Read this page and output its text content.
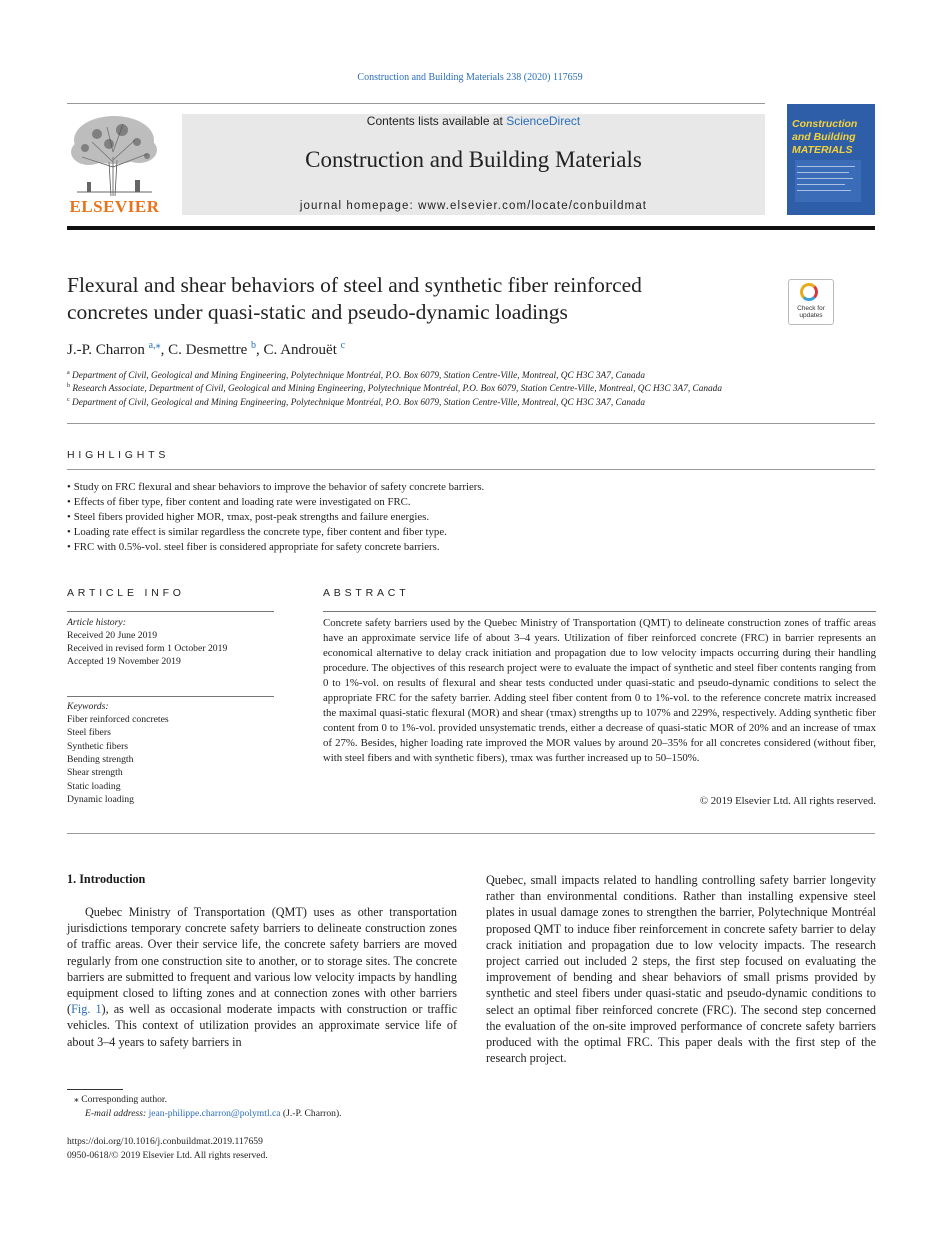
Construction and Building Materials 238 (2020) 117659
ELSEVIER
Contents lists available at ScienceDirect
Construction and Building Materials
journal homepage: www.elsevier.com/locate/conbuildmat
Construction and Building MATERIALS
Flexural and shear behaviors of steel and synthetic fiber reinforced
concretes under quasi-static and pseudo-dynamic loadings	Check for updates
J.-P. Charron $^{a,⁎}$, C. Desmettre $^b$, C. Androuët $^c$
$^a$ Department of Civil, Geological and Mining Engineering, Polytechnique Montréal, P.O. Box 6079, Station Centre-Ville, Montreal, QC H3C 3A7, Canada
$^b$ Research Associate, Department of Civil, Geological and Mining Engineering, Polytechnique Montréal, P.O. Box 6079, Station Centre-Ville, Montreal, QC H3C 3A7, Canada
$^c$ Department of Civil, Geological and Mining Engineering, Polytechnique Montréal, P.O. Box 6079, Station Centre-Ville, Montreal, QC H3C 3A7, Canada
HIGHLIGHTS
• Study on FRC flexural and shear behaviors to improve the behavior of safety concrete barriers.
• Effects of fiber type, fiber content and loading rate were investigated on FRC.
• Steel fibers provided higher MOR, τmax, post-peak strengths and failure energies.
• Loading rate effect is similar regardless the concrete type, fiber content and fiber type.
• FRC with 0.5%-vol. steel fiber is considered appropriate for safety concrete barriers.
ARTICLE INFO
Article history:
Received 20 June 2019
Received in revised form 1 October 2019
Accepted 19 November 2019
Keywords:
Fiber reinforced concretes
Steel fibers
Synthetic fibers
Bending strength
Shear strength
Static loading
Dynamic loading
ABSTRACT
Concrete safety barriers used by the Quebec Ministry of Transportation (QMT) to delineate construction zones of traffic areas have an approximate service life of about 3–4 years. Utilization of fiber reinforced concrete (FRC) in barrier represents an economical alternative to delay crack initiation and propagation due to low velocity impacts occurring during their handling procedure. The objectives of this research project were to evaluate the impact of synthetic and steel fiber contents ranging from 0 to 1%-vol. on results of flexural and shear tests conducted under quasi-static and pseudo-dynamic conditions to select the appropriate FRC for the safety barrier. Adding steel fiber content from 0 to 1%-vol. to the reference concrete matrix increased the maximal quasi-static flexural (MOR) and shear (τmax) strengths up to 107% and 229%, respectively. Adding synthetic fiber content from 0 to 1%-vol. provided unsystematic trends, either a decrease of quasi-static MOR of 20% and an increase of τmax of 27%. Besides, higher loading rate improved the MOR values by around 20–35% for all concretes considered (without fiber, with steel fibers and with synthetic fibers), τmax was further increased up to 50–150%.
© 2019 Elsevier Ltd. All rights reserved.
1. Introduction

Quebec Ministry of Transportation (QMT) uses as other transportation jurisdictions temporary concrete safety barriers to delineate construction zones of traffic areas. Over their service life, the concrete safety barriers are moved regularly from one construction site to another, or to storage sites. The concrete barriers are submitted to frequent and various low velocity impacts by handling equipment closed to lifting zones and at connection zones with other barriers (Fig. 1), as well as occasional moderate impacts with construction or traffic vehicles. This context of utilization provides an approximate service life of about 3–4 years to safety barriers in

Quebec, small impacts related to handling controlling safety barrier longevity rather than environmental conditions. Rather than installing expensive steel plates in usual damage zones to strengthen the barrier, Polytechnique Montréal proposed QMT to induce fiber reinforcement in concrete safety barrier to delay crack initiation and propagation due to low velocity impacts. The research project carried out included 2 steps, the first step focused on evaluating the improvement of bending and shear behaviors of small prisms provided by synthetic and steel fibers under quasi-static and pseudo-dynamic conditions to select an optimal fiber reinforced concrete (FRC). The second step concerned the evaluation of the on-site improved performance of concrete safety barriers produced with the optimal FRC. This paper deals with the first step of the research project.

⁎ Corresponding author.
E-mail address: jean-philippe.charron@polymtl.ca (J.-P. Charron).
https://doi.org/10.1016/j.conbuildmat.2019.117659
0950-0618/© 2019 Elsevier Ltd. All rights reserved.
